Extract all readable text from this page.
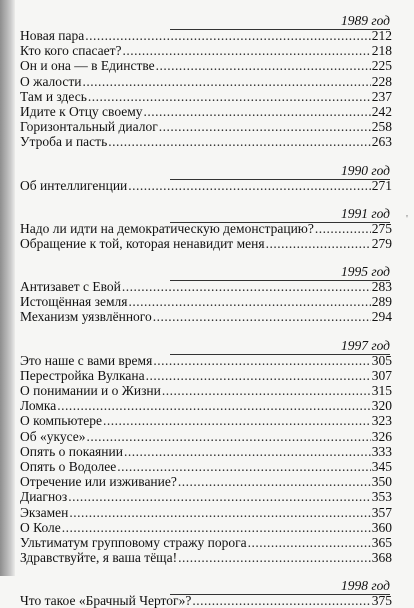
1989 год
Новая пара .....	212
Кто кого спасает? .....	218
Он и она — в Единстве .....	225
О жалости .....	228
Там и здесь .....	237
Идите к Отцу своему .....	242
Горизонтальный диалог .....	258
Утроба и пасть .....	263
1990 год
Об интеллигенции .....	271
1991 год
Надо ли идти на демократическую демонстрацию? .....	275
Обращение к той, которая ненавидит меня .....	279
1995 год
Антизавет с Евой .....	283
Истощённая земля .....	289
Механизм уязвлённого .....	294
1997 год
Это наше с вами время .....	305
Перестройка Вулкана .....	307
О понимании и о Жизни .....	315
Ломка .....	320
О компьютере .....	323
Об «укусе» .....	326
Опять о покаянии .....	333
Опять о Водолее .....	345
Отречение или изживание? .....	350
Диагноз .....	353
Экзамен .....	357
О Коле .....	360
Ультиматум групповому стражу порога .....	365
Здравствуйте, я ваша тёща! .....	368
1998 год
Что такое «Брачный Чертог»? .....	375
'
